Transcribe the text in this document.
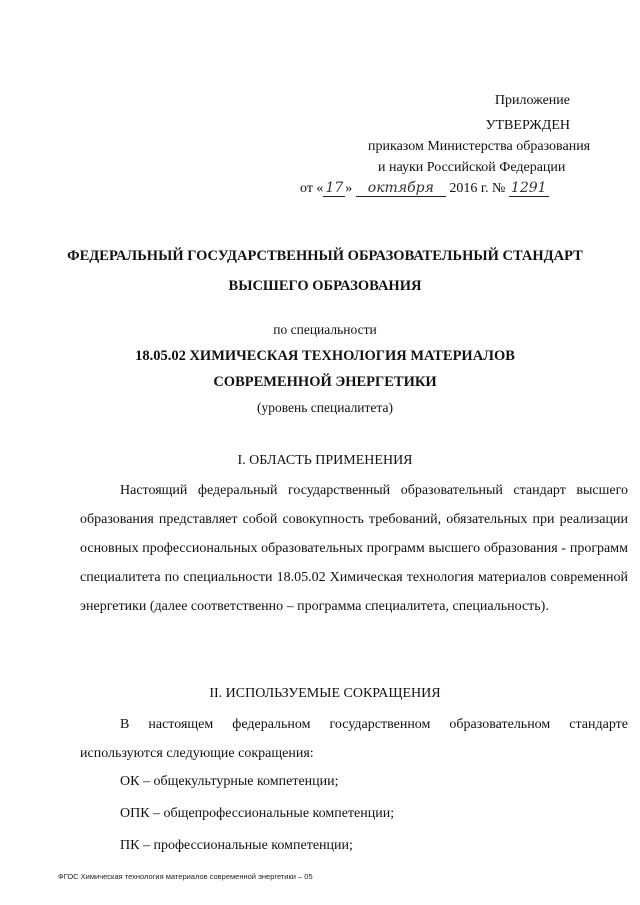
Приложение
УТВЕРЖДЕН
приказом Министерства образования
и науки Российской Федерации
от « 17 » октября 2016 г. № 1291
ФЕДЕРАЛЬНЫЙ ГОСУДАРСТВЕННЫЙ ОБРАЗОВАТЕЛЬНЫЙ СТАНДАРТ
ВЫСШЕГО ОБРАЗОВАНИЯ
по специальности
18.05.02 ХИМИЧЕСКАЯ ТЕХНОЛОГИЯ МАТЕРИАЛОВ
СОВРЕМЕННОЙ ЭНЕРГЕТИКИ
(уровень специалитета)
I. ОБЛАСТЬ ПРИМЕНЕНИЯ

Настоящий федеральный государственный образовательный стандарт высшего образования представляет собой совокупность требований, обязательных при реализации основных профессиональных образовательных программ высшего образования - программ специалитета по специальности 18.05.02 Химическая технология материалов современной энергетики (далее соответственно – программа специалитета, специальность).

II. ИСПОЛЬЗУЕМЫЕ СОКРАЩЕНИЯ

В настоящем федеральном государственном образовательном стандарте используются следующие сокращения:

ОК – общекультурные компетенции;
ОПК – общепрофессиональные компетенции;
ПК – профессиональные компетенции;
ФГОС Химическая технология материалов современной энергетики – 05
